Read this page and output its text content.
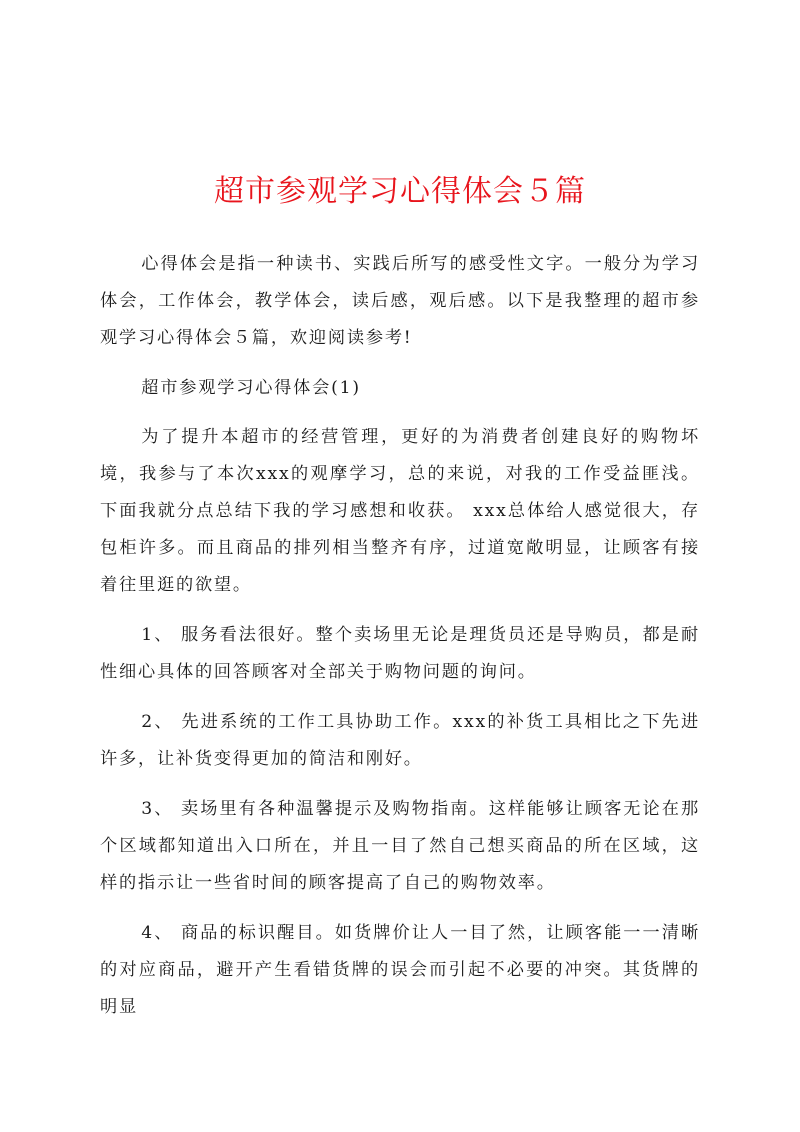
超市参观学习心得体会５篇

心得体会是指一种读书、实践后所写的感受性文字。一般分为学习体会，工作体会，教学体会，读后感，观后感。以下是我整理的超市参观学习心得体会５篇，欢迎阅读参考!

超市参观学习心得体会(1)

为了提升本超市的经营管理，更好的为消费者创建良好的购物坏境，我参与了本次xxx的观摩学习，总的来说，对我的工作受益匪浅。下面我就分点总结下我的学习感想和收获。 xxx总体给人感觉很大，存包柜许多。而且商品的排列相当整齐有序，过道宽敞明显，让顾客有接着往里逛的欲望。

1、 服务看法很好。整个卖场里无论是理货员还是导购员，都是耐性细心具体的回答顾客对全部关于购物问题的询问。

2、 先进系统的工作工具协助工作。xxx的补货工具相比之下先进许多，让补货变得更加的简洁和刚好。

3、 卖场里有各种温馨提示及购物指南。这样能够让顾客无论在那个区域都知道出入口所在，并且一目了然自己想买商品的所在区域，这样的指示让一些省时间的顾客提高了自己的购物效率。

4、 商品的标识醒目。如货牌价让人一目了然，让顾客能一一清晰的对应商品，避开产生看错货牌的误会而引起不必要的冲突。其货牌的明显
